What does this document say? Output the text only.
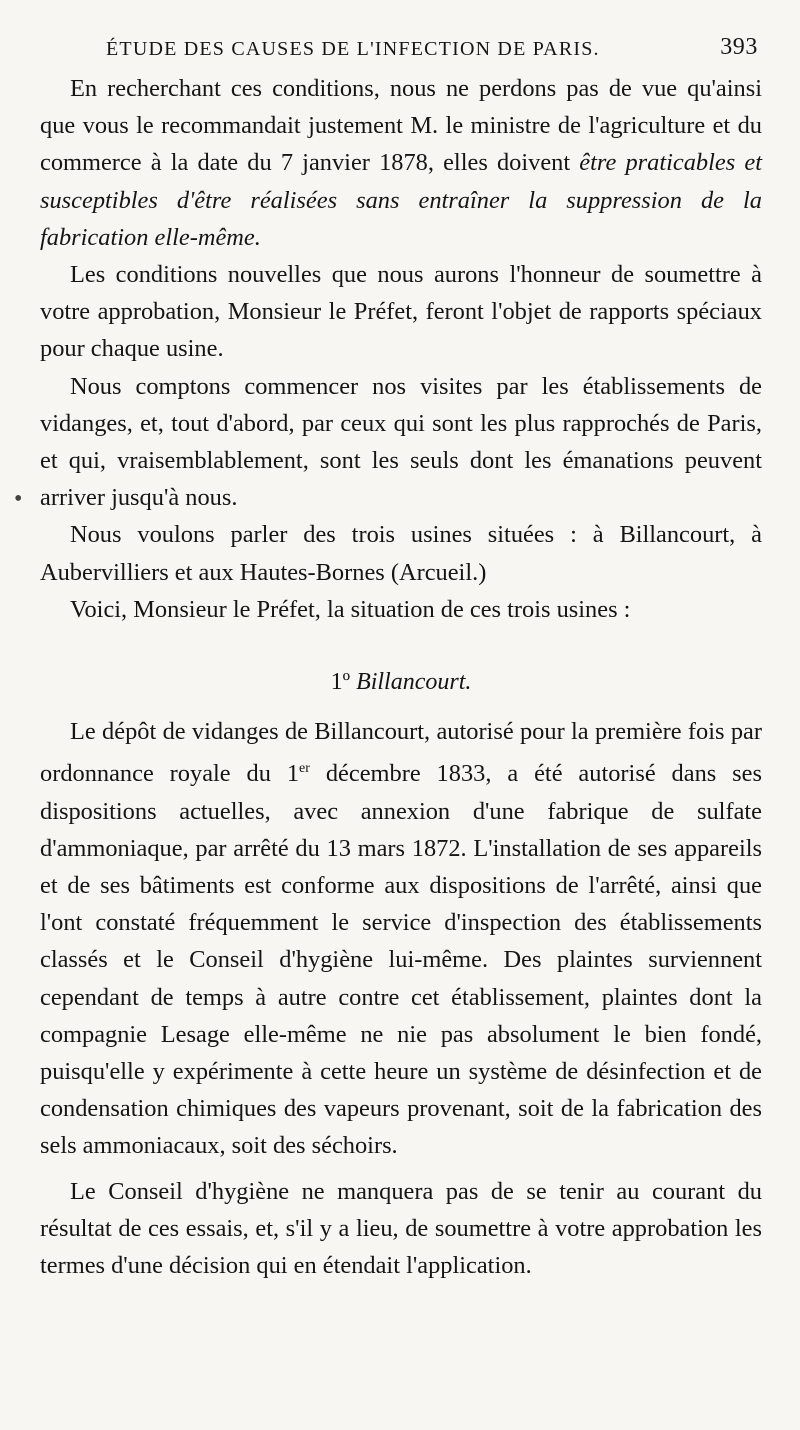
ÉTUDE DES CAUSES DE L'INFECTION DE PARIS.	393
•

En recherchant ces conditions, nous ne perdons pas de vue qu'ainsi que vous le recommandait justement M. le ministre de l'agriculture et du commerce à la date du 7 janvier 1878, elles doivent être praticables et susceptibles d'être réalisées sans entraîner la suppression de la fabrication elle-même.

Les conditions nouvelles que nous aurons l'honneur de soumettre à votre approbation, Monsieur le Préfet, feront l'objet de rapports spéciaux pour chaque usine.

Nous comptons commencer nos visites par les établissements de vidanges, et, tout d'abord, par ceux qui sont les plus rapprochés de Paris, et qui, vraisemblablement, sont les seuls dont les émanations peuvent arriver jusqu'à nous.

Nous voulons parler des trois usines situées : à Billancourt, à Aubervilliers et aux Hautes-Bornes (Arcueil.)

Voici, Monsieur le Préfet, la situation de ces trois usines :

1º Billancourt.

Le dépôt de vidanges de Billancourt, autorisé pour la première fois par ordonnance royale du 1er décembre 1833, a été autorisé dans ses dispositions actuelles, avec annexion d'une fabrique de sulfate d'ammoniaque, par arrêté du 13 mars 1872. L'installation de ses appareils et de ses bâtiments est conforme aux dispositions de l'arrêté, ainsi que l'ont constaté fréquemment le service d'inspection des établissements classés et le Conseil d'hygiène lui-même. Des plaintes surviennent cependant de temps à autre contre cet établissement, plaintes dont la compagnie Lesage elle-même ne nie pas absolument le bien fondé, puisqu'elle y expérimente à cette heure un système de désinfection et de condensation chimiques des vapeurs provenant, soit de la fabrication des sels ammoniacaux, soit des séchoirs.

Le Conseil d'hygiène ne manquera pas de se tenir au courant du résultat de ces essais, et, s'il y a lieu, de soumettre à votre approbation les termes d'une décision qui en étendait l'application.
